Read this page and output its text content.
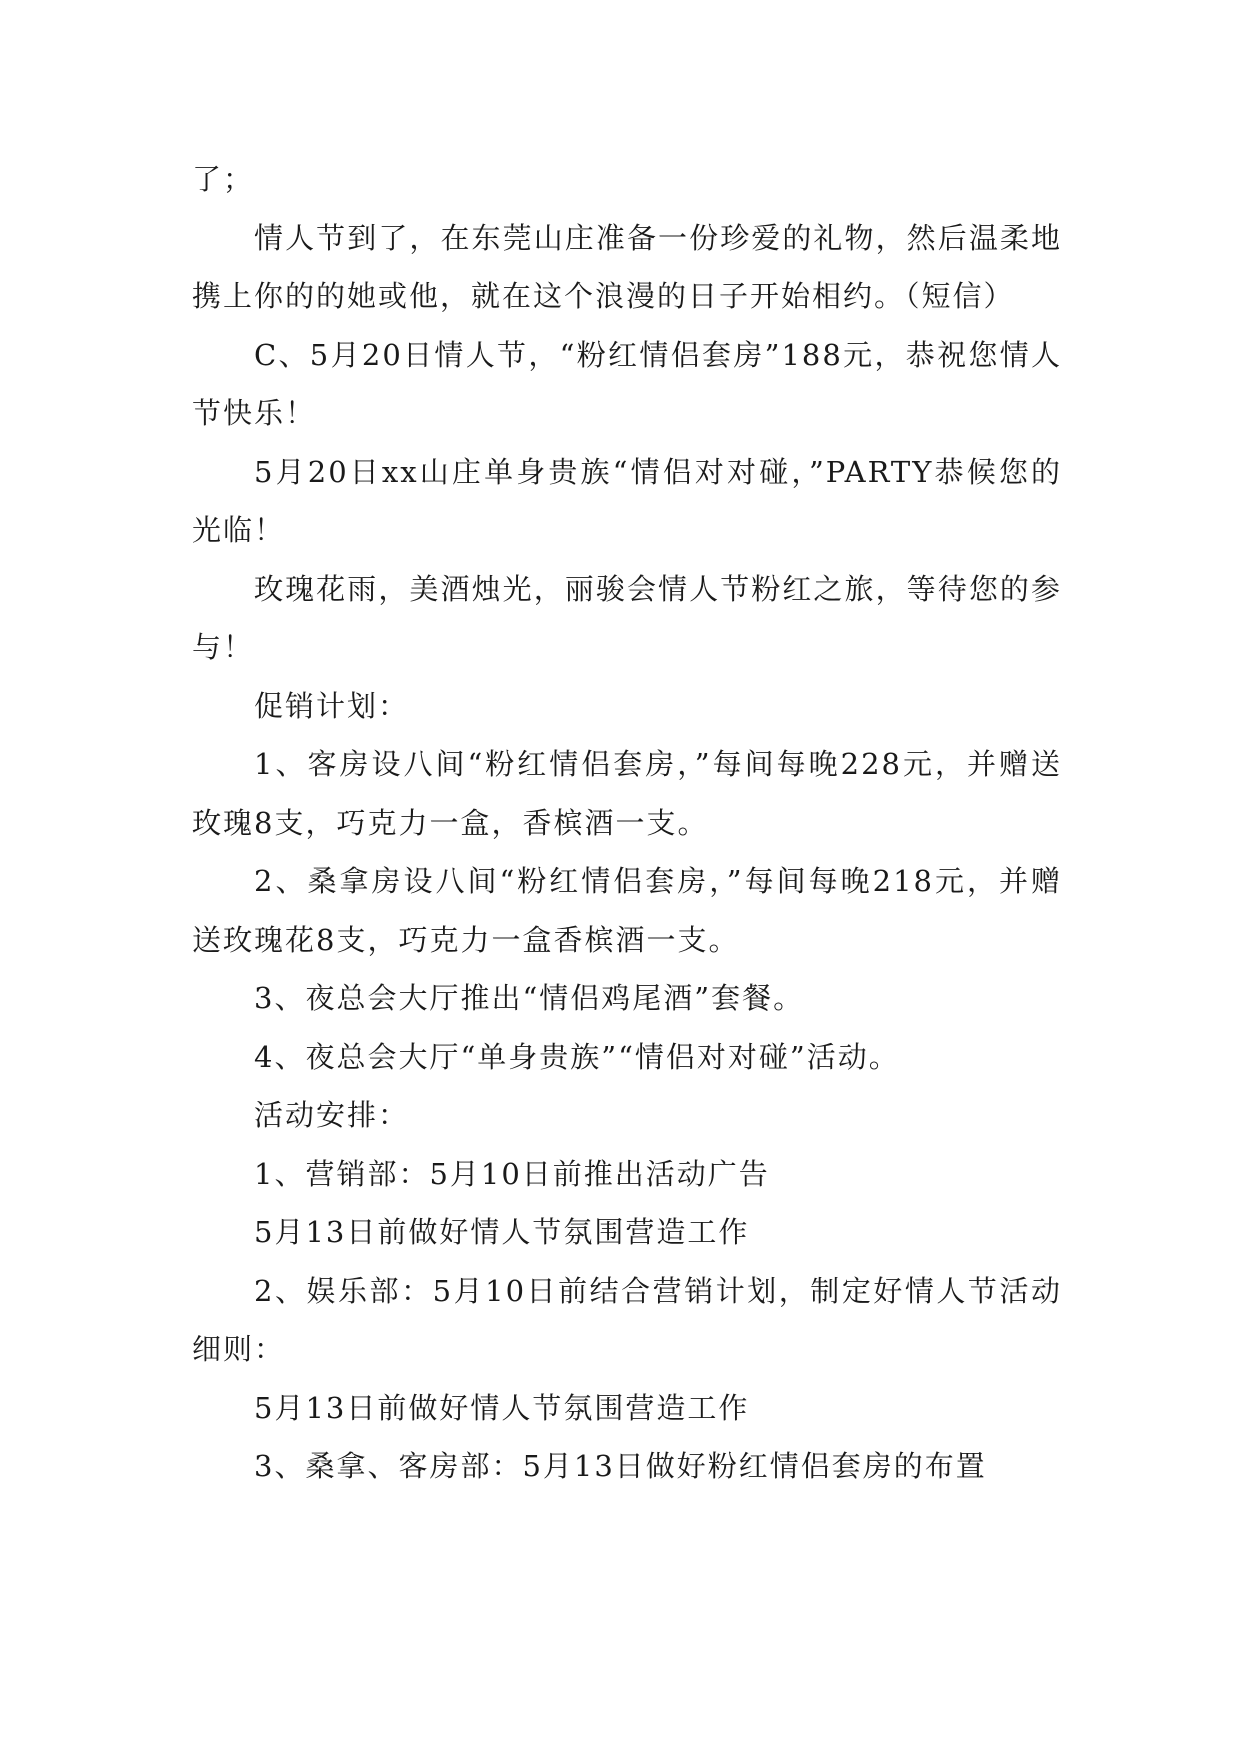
了；

情人节到了，在东莞山庄准备一份珍爱的礼物，然后温柔地携上你的的她或他，就在这个浪漫的日子开始相约。（短信）

C、5月20日情人节，“粉红情侣套房”188元，恭祝您情人节快乐！

5月20日xx山庄单身贵族“情侣对对碰，”PARTY恭候您的光临！

玫瑰花雨，美酒烛光，丽骏会情人节粉红之旅，等待您的参与！

促销计划：

1、客房设八间“粉红情侣套房，”每间每晚228元，并赠送玫瑰8支，巧克力一盒，香槟酒一支。

2、桑拿房设八间“粉红情侣套房，”每间每晚218元，并赠送玫瑰花8支，巧克力一盒香槟酒一支。

3、夜总会大厅推出“情侣鸡尾酒”套餐。

4、夜总会大厅“单身贵族”“情侣对对碰”活动。

活动安排：

1、营销部：5月10日前推出活动广告

5月13日前做好情人节氛围营造工作

2、娱乐部：5月10日前结合营销计划，制定好情人节活动细则：

5月13日前做好情人节氛围营造工作

3、桑拿、客房部：5月13日做好粉红情侣套房的布置
